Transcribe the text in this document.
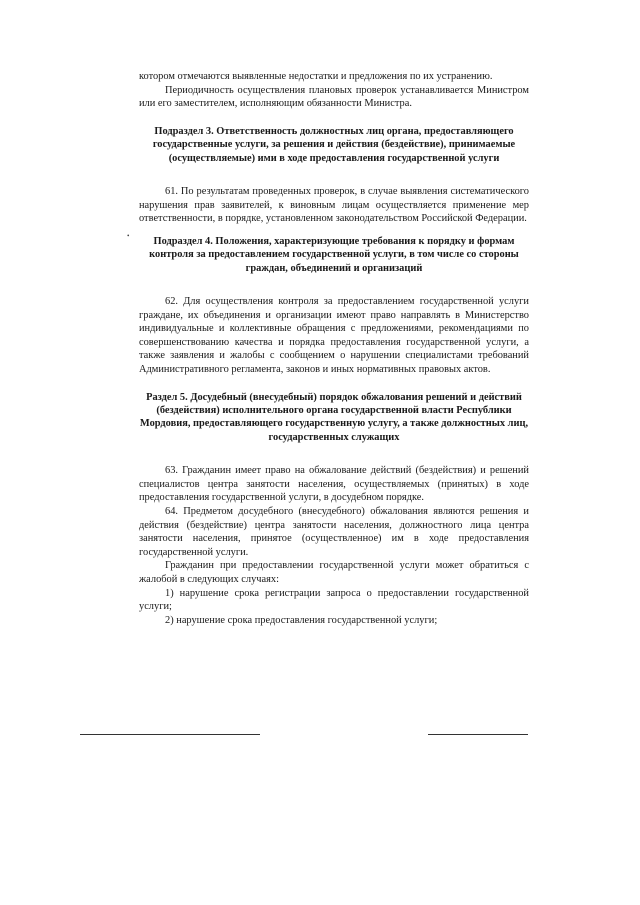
•

котором отмечаются выявленные недостатки и предложения по их устранению.

Периодичность осуществления плановых проверок устанавливается Министром или его заместителем, исполняющим обязанности Министра.

Подраздел 3. Ответственность должностных лиц органа, предоставляющего государственные услуги, за решения и действия (бездействие), принимаемые (осуществляемые) ими в ходе предоставления государственной услуги

61. По результатам проведенных проверок, в случае выявления систематического нарушения прав заявителей, к виновным лицам осуществляется применение мер ответственности, в порядке, установленном законодательством Российской Федерации.

Подраздел 4. Положения, характеризующие требования к порядку и формам контроля за предоставлением государственной услуги, в том числе со стороны граждан, объединений и организаций

62. Для осуществления контроля за предоставлением государственной услуги граждане, их объединения и организации имеют право направлять в Министерство индивидуальные и коллективные обращения с предложениями, рекомендациями по совершенствованию качества и порядка предоставления государственной услуги, а также заявления и жалобы с сообщением о нарушении специалистами требований Административного регламента, законов и иных нормативных правовых актов.

Раздел 5. Досудебный (внесудебный) порядок обжалования решений и действий (бездействия) исполнительного органа государственной власти Республики Мордовия, предоставляющего государственную услугу, а также должностных лиц, государственных служащих

63. Гражданин имеет право на обжалование действий (бездействия) и решений специалистов центра занятости населения, осуществляемых (принятых) в ходе предоставления государственной услуги, в досудебном порядке.

64. Предметом досудебного (внесудебного) обжалования являются решения и действия (бездействие) центра занятости населения, должностного лица центра занятости населения, принятое (осуществленное) им в ходе предоставления государственной услуги.

Гражданин при предоставлении государственной услуги может обратиться с жалобой в следующих случаях:

1) нарушение срока регистрации запроса о предоставлении государственной услуги;

2) нарушение срока предоставления государственной услуги;
